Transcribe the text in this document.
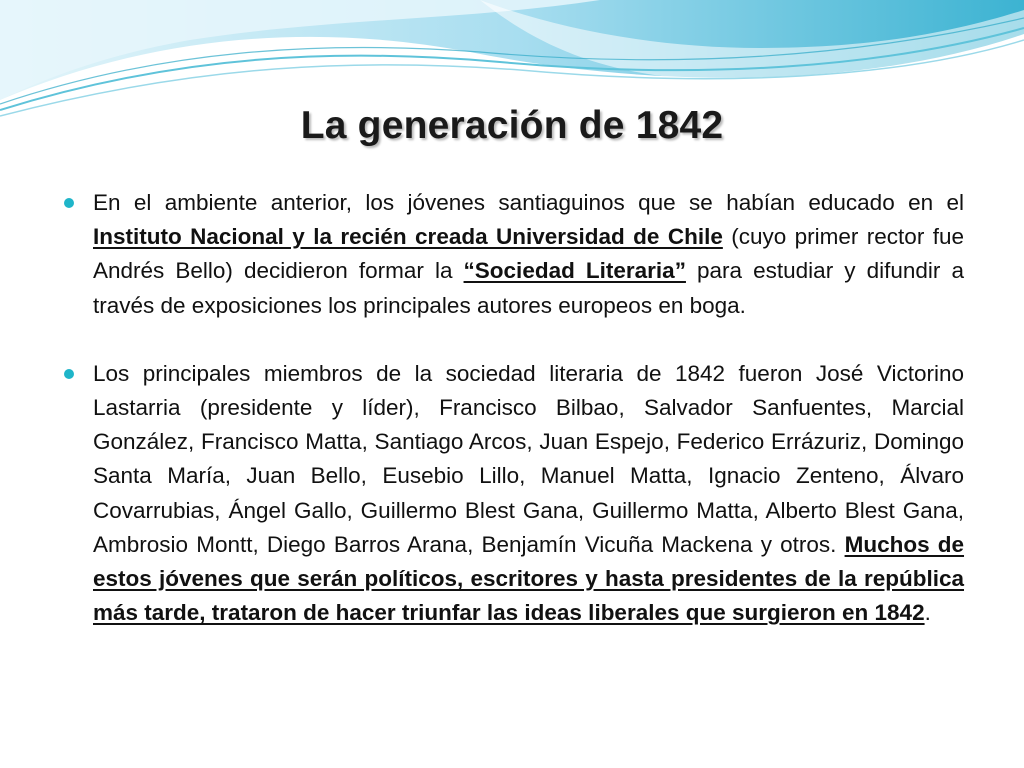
La generación de 1842

En el ambiente anterior, los jóvenes santiaguinos que se habían educado en el Instituto Nacional y la recién creada Universidad de Chile (cuyo primer rector fue Andrés Bello) decidieron formar la “Sociedad Literaria” para estudiar y difundir a través de exposiciones los principales autores europeos en boga.

Los principales miembros de la sociedad literaria de 1842 fueron José Victorino Lastarria (presidente y líder), Francisco Bilbao, Salvador Sanfuentes, Marcial González, Francisco Matta, Santiago Arcos, Juan Espejo, Federico Errázuriz, Domingo Santa María, Juan Bello, Eusebio Lillo, Manuel Matta, Ignacio Zenteno, Álvaro Covarrubias, Ángel Gallo, Guillermo Blest Gana, Guillermo Matta, Alberto Blest Gana, Ambrosio Montt, Diego Barros Arana, Benjamín Vicuña Mackena y otros. Muchos de estos jóvenes que serán políticos, escritores y hasta presidentes de la república más tarde, trataron de hacer triunfar las ideas liberales que surgieron en 1842.
